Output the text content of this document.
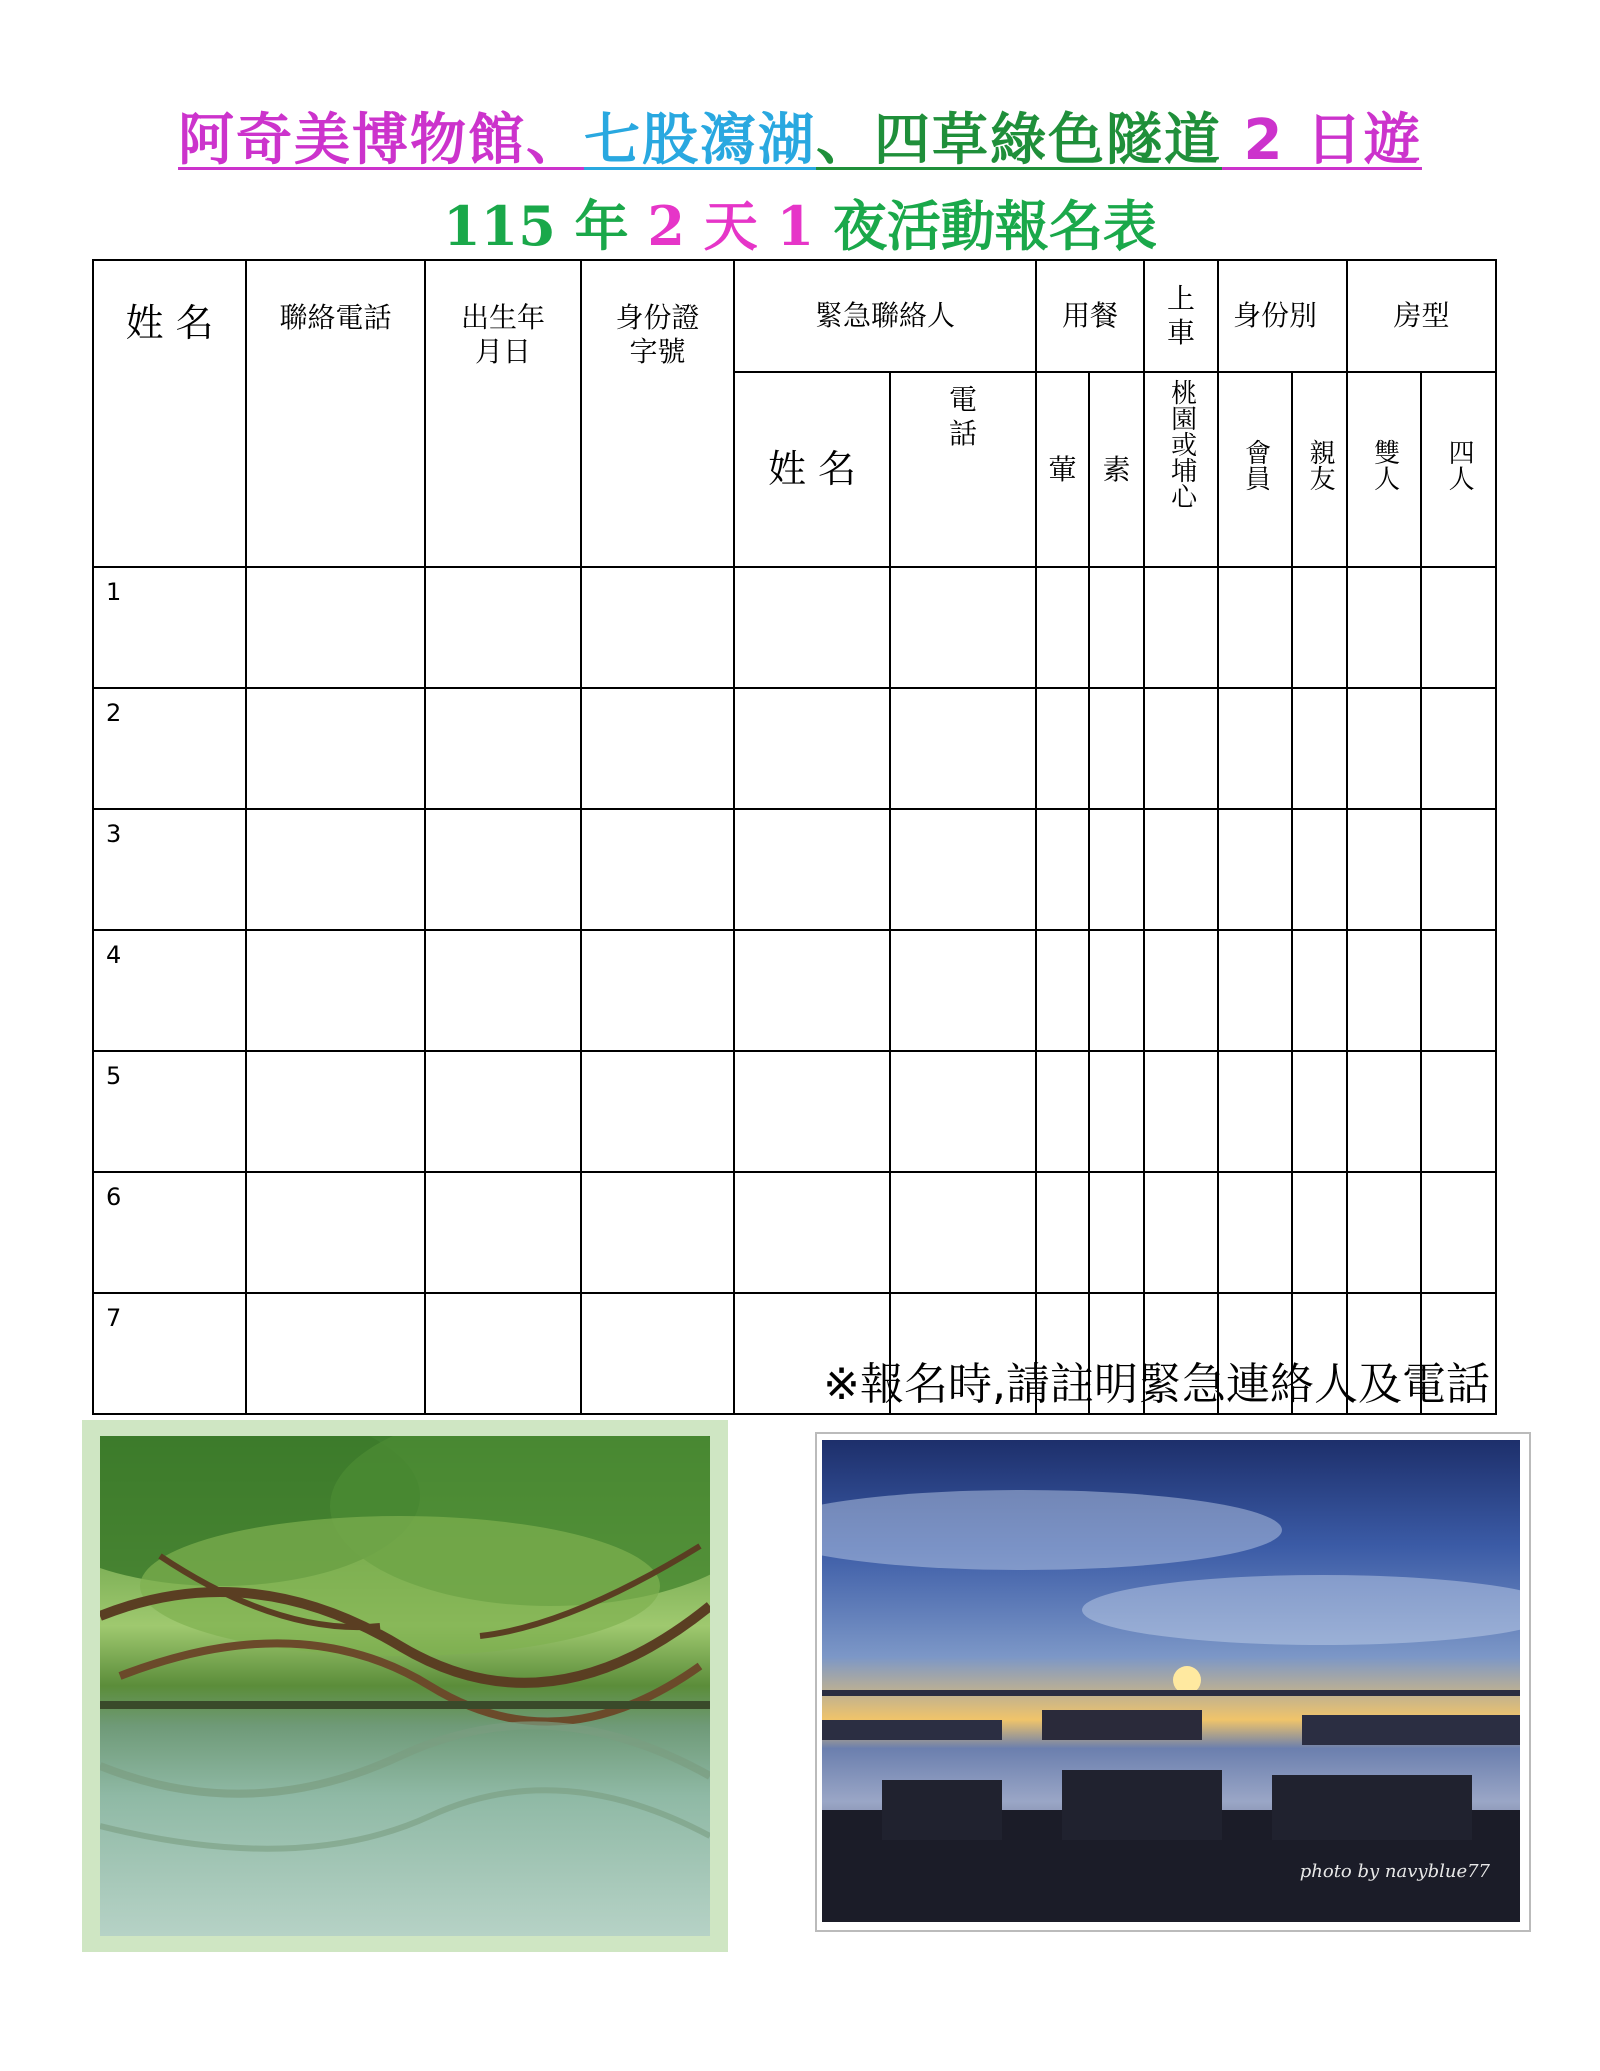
阿奇美博物館、七股瀉湖、四草綠色隧道 2 日遊
115 年 2 天 1 夜活動報名表
姓 名	聯絡電話	出生年月日	身份證字號	緊急聯絡人		用餐		上車	身份別		房型	
				姓 名	電話	葷	素	桃園或埔心	會員	親友	雙人	四人
1												
2												
3												
4												
5												
6												
7												
※報名時,請註明緊急連絡人及電話
photo by navyblue77
